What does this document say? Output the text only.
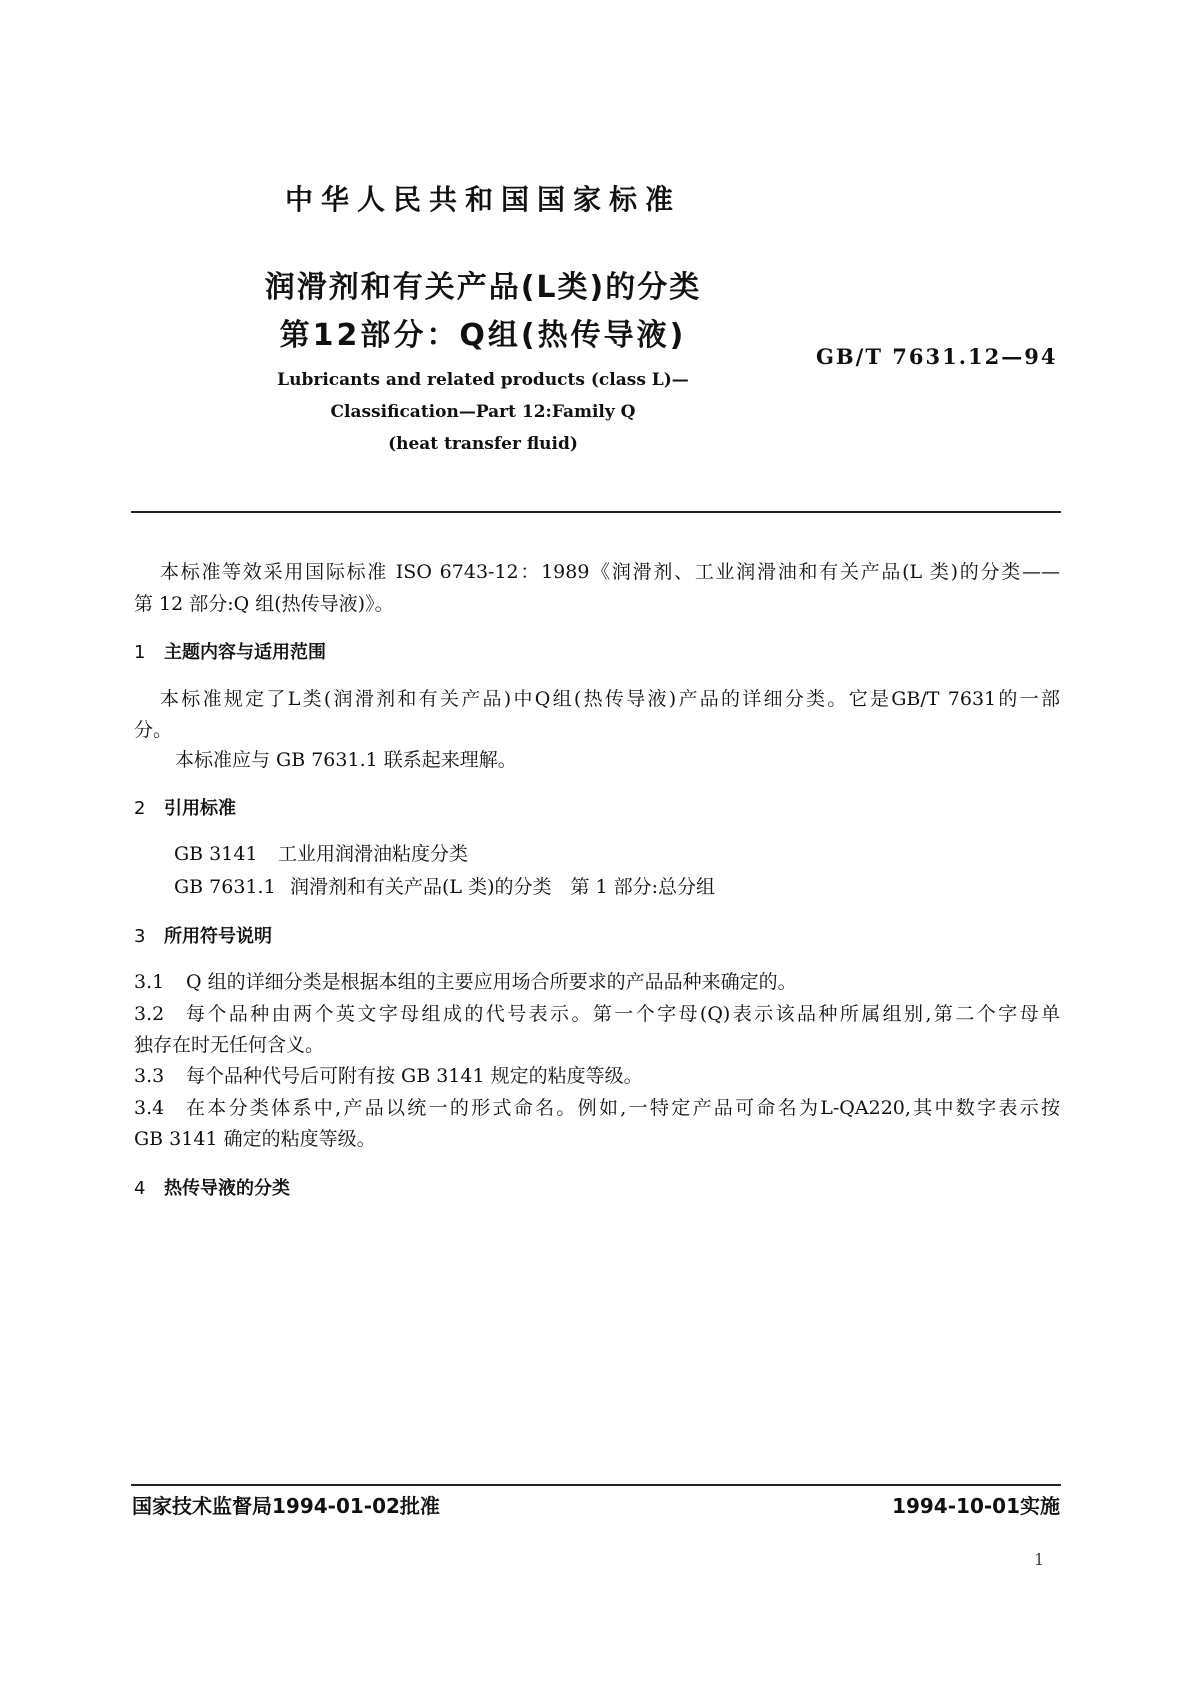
中华人民共和国国家标准
润滑剂和有关产品(L类)的分类
第12部分：Q组(热传导液)
GB/T 7631.12—94
Lubricants and related products (class L)—
Classification—Part 12:Family Q
(heat transfer fluid)
本标准等效采用国际标准 ISO 6743-12：1989《润滑剂、工业润滑油和有关产品(L 类)的分类——
第 12 部分:Q 组(热传导液)》。
1 主题内容与适用范围
本标准规定了L类(润滑剂和有关产品)中Q组(热传导液)产品的详细分类。它是GB/T 7631的一部
分。
本标准应与 GB 7631.1 联系起来理解。
2 引用标准
GB 3141 工业用润滑油粘度分类
GB 7631.1 润滑剂和有关产品(L 类)的分类　第 1 部分:总分组
3 所用符号说明
3.1 Q 组的详细分类是根据本组的主要应用场合所要求的产品品种来确定的。
3.2 每个品种由两个英文字母组成的代号表示。第一个字母(Q)表示该品种所属组别,第二个字母单
独存在时无任何含义。
3.3 每个品种代号后可附有按 GB 3141 规定的粘度等级。
3.4 在本分类体系中,产品以统一的形式命名。例如,一特定产品可命名为L-QA220,其中数字表示按
GB 3141 确定的粘度等级。
4 热传导液的分类
国家技术监督局1994-01-02批准	1994-10-01实施
1
